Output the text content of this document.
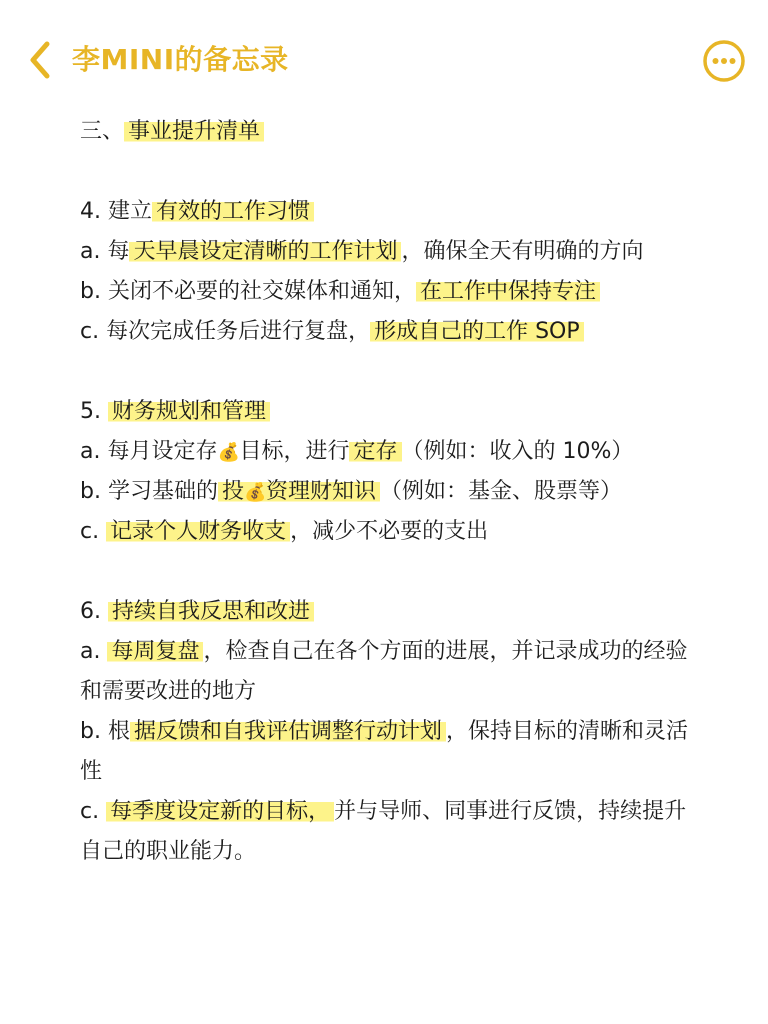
李MINI的备忘录
三、 事业提升清单
4. 建立 有效的工作习惯
a. 每 天早晨设定清晰的工作计划 ，确保全天有明确的方向
b. 关闭不必要的社交媒体和通知， 在工作中保持专注
c. 每次完成任务后进行复盘， 形成自己的工作 SOP
5. 财务规划和管理
a. 每月设定存💰目标，进行 定存 （例如：收入的 10%）
b. 学习基础的 投💰资理财知识 （例如：基金、股票等）
c. 记录个人财务收支 ，减少不必要的支出
6. 持续自我反思和改进
a. 每周复盘 ，检查自己在各个方面的进展，并记录成功的经验和需要改进的地方
b. 根 据反馈和自我评估调整行动计划 ，保持目标的清晰和灵活性
c. 每季度设定新的目标， 并与导师、同事进行反馈，持续提升自己的职业能力。
